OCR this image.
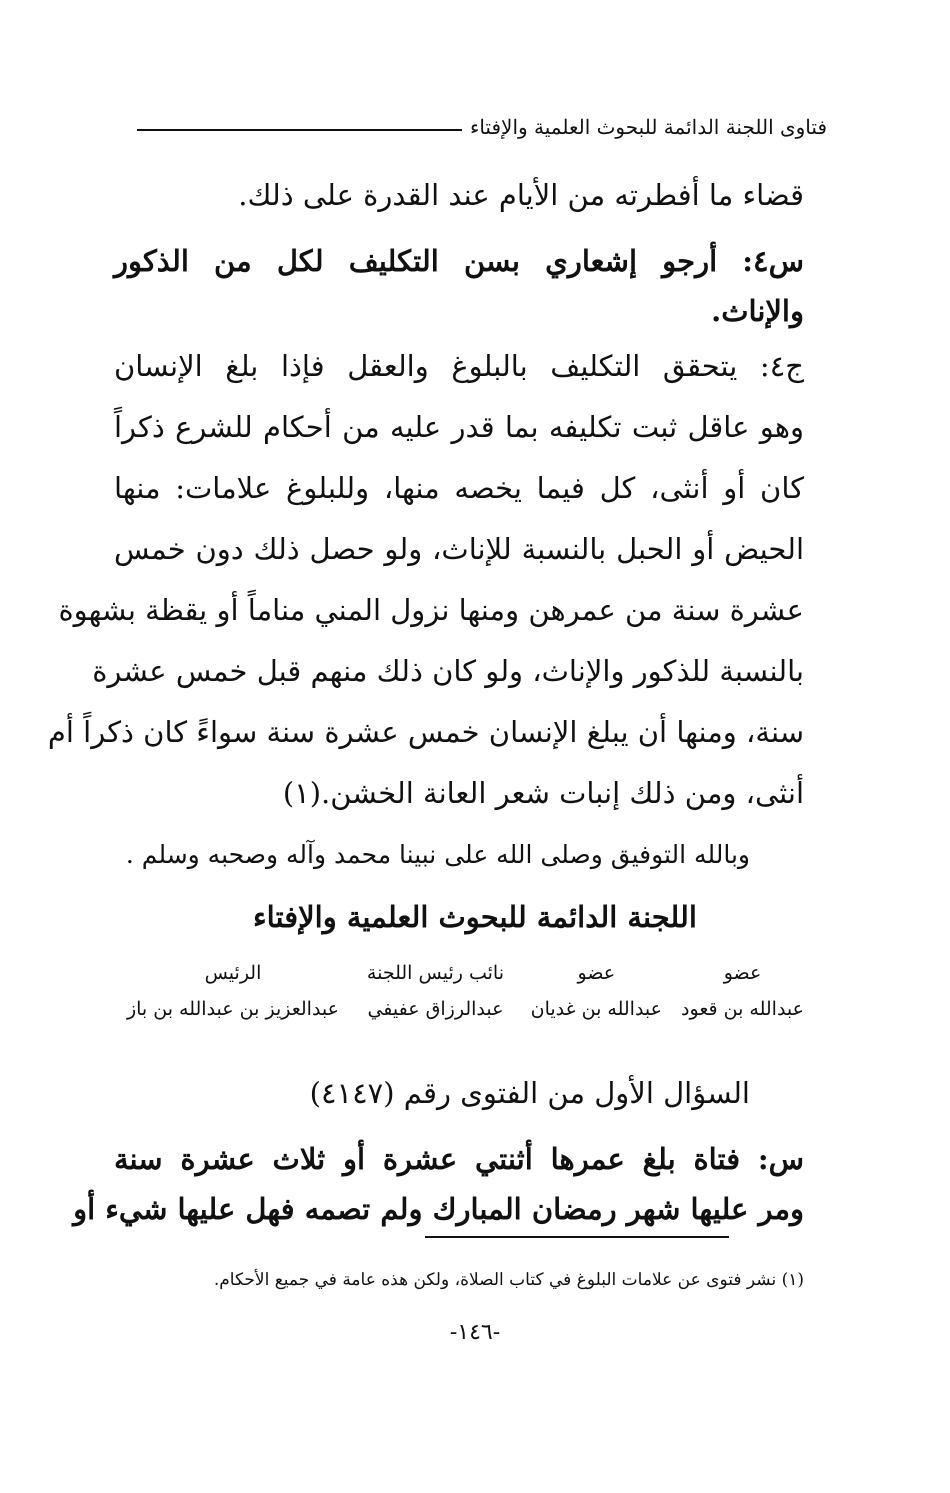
فتاوى اللجنة الدائمة للبحوث العلمية والإفتاء
قضاء ما أفطرته من الأيام عند القدرة على ذلك.
س٤: أرجو إشعاري بسن التكليف لكل من الذكور
والإناث.
ج٤: يتحقق التكليف بالبلوغ والعقل فإذا بلغ الإنسان
وهو عاقل ثبت تكليفه بما قدر عليه من أحكام للشرع ذكراً
كان أو أنثى، كل فيما يخصه منها، وللبلوغ علامات: منها
الحيض أو الحبل بالنسبة للإناث، ولو حصل ذلك دون خمس
عشرة سنة من عمرهن ومنها نزول المني مناماً أو يقظة بشهوة
بالنسبة للذكور والإناث، ولو كان ذلك منهم قبل خمس عشرة
سنة، ومنها أن يبلغ الإنسان خمس عشرة سنة سواءً كان ذكراً أم
أنثى، ومن ذلك إنبات شعر العانة الخشن.(١)
وبالله التوفيق وصلى الله على نبينا محمد وآله وصحبه وسلم .
اللجنة الدائمة للبحوث العلمية والإفتاء
عضو
عبدالله بن قعود
عضو
عبدالله بن غديان
نائب رئيس اللجنة
عبدالرزاق عفيفي
الرئيس
عبدالعزيز بن عبدالله بن باز
السؤال الأول من الفتوى رقم (٤١٤٧)
س: فتاة بلغ عمرها أثنتي عشرة أو ثلاث عشرة سنة
ومر عليها شهر رمضان المبارك ولم تصمه فهل عليها شيء أو
(١) نشر فتوى عن علامات البلوغ في كتاب الصلاة، ولكن هذه عامة في جميع الأحكام.
-١٤٦-
